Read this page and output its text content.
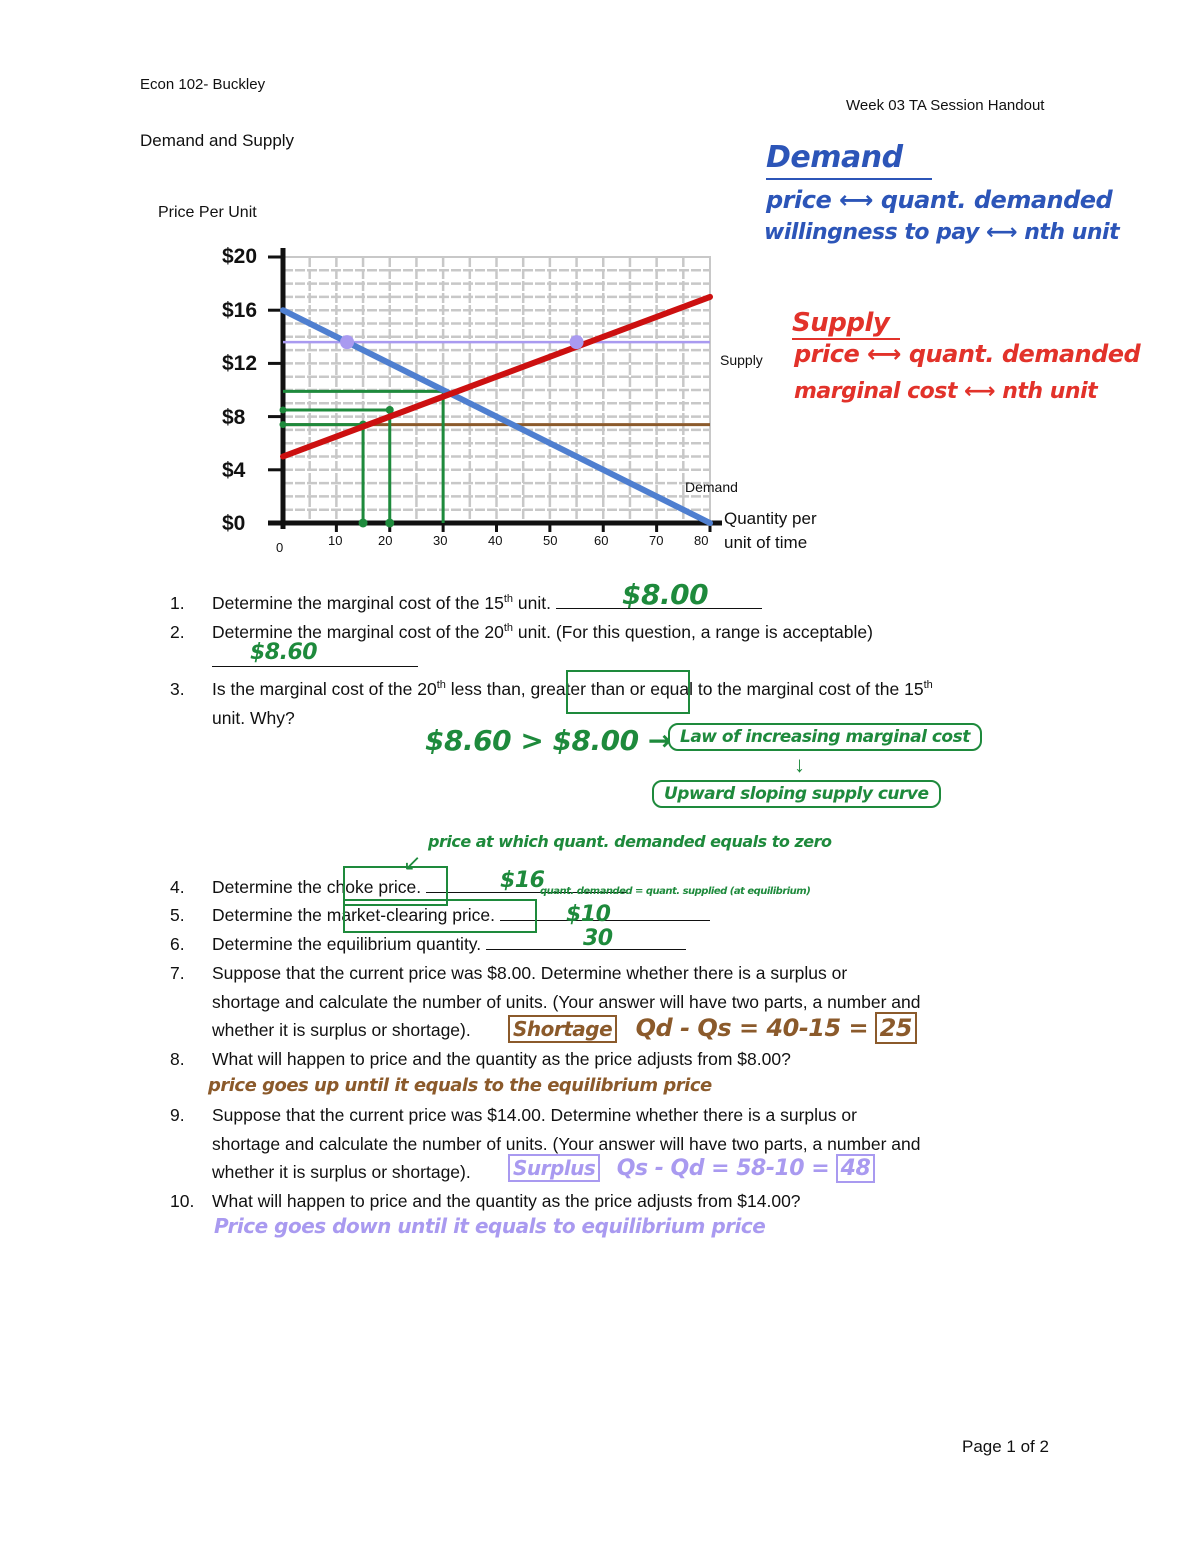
Econ 102- Buckley
Week 03 TA Session Handout
Demand and Supply
Price Per Unit
$20
$16
$12
$8
$4
$0
0	10	20	30	40	50	60	70 80
Supply
Demand
Quantity per unit of time
Demand
price ⟷ quant. demanded
willingness to pay ⟷ nth unit
Supply
price ⟷ quant. demanded
marginal cost ⟷ nth unit
1. Determine the marginal cost of the 15th unit.	$8.00
2. Determine the marginal cost of the 20th unit. (For this question, a range is acceptable)
$8.60
3. Is the marginal cost of the 20th less than, greater than or equal to the marginal cost of the 15th
unit. Why?
$8.60 > $8.00 → Law of increasing marginal cost
↓
Upward sloping supply curve
price at which quant. demanded equals to zero
↙
4. Determine the choke price.	$16
5. Determine the market-clearing price.
quant. demanded = quant. supplied (at equilibrium)
$10
6. Determine the equilibrium quantity.	30
7. Suppose that the current price was $8.00. Determine whether there is a surplus or
shortage and calculate the number of units. (Your answer will have two parts, a number and
whether it is surplus or shortage). Shortage Qd - Qs = 40-15 = 25
8. What will happen to price and the quantity as the price adjusts from $8.00?
price goes up until it equals to the equilibrium price
9. Suppose that the current price was $14.00. Determine whether there is a surplus or
shortage and calculate the number of units. (Your answer will have two parts, a number and
whether it is surplus or shortage). Surplus Qs - Qd = 58-10 = 48
10. What will happen to price and the quantity as the price adjusts from $14.00?
Price goes down until it equals to equilibrium price
Page 1 of 2
